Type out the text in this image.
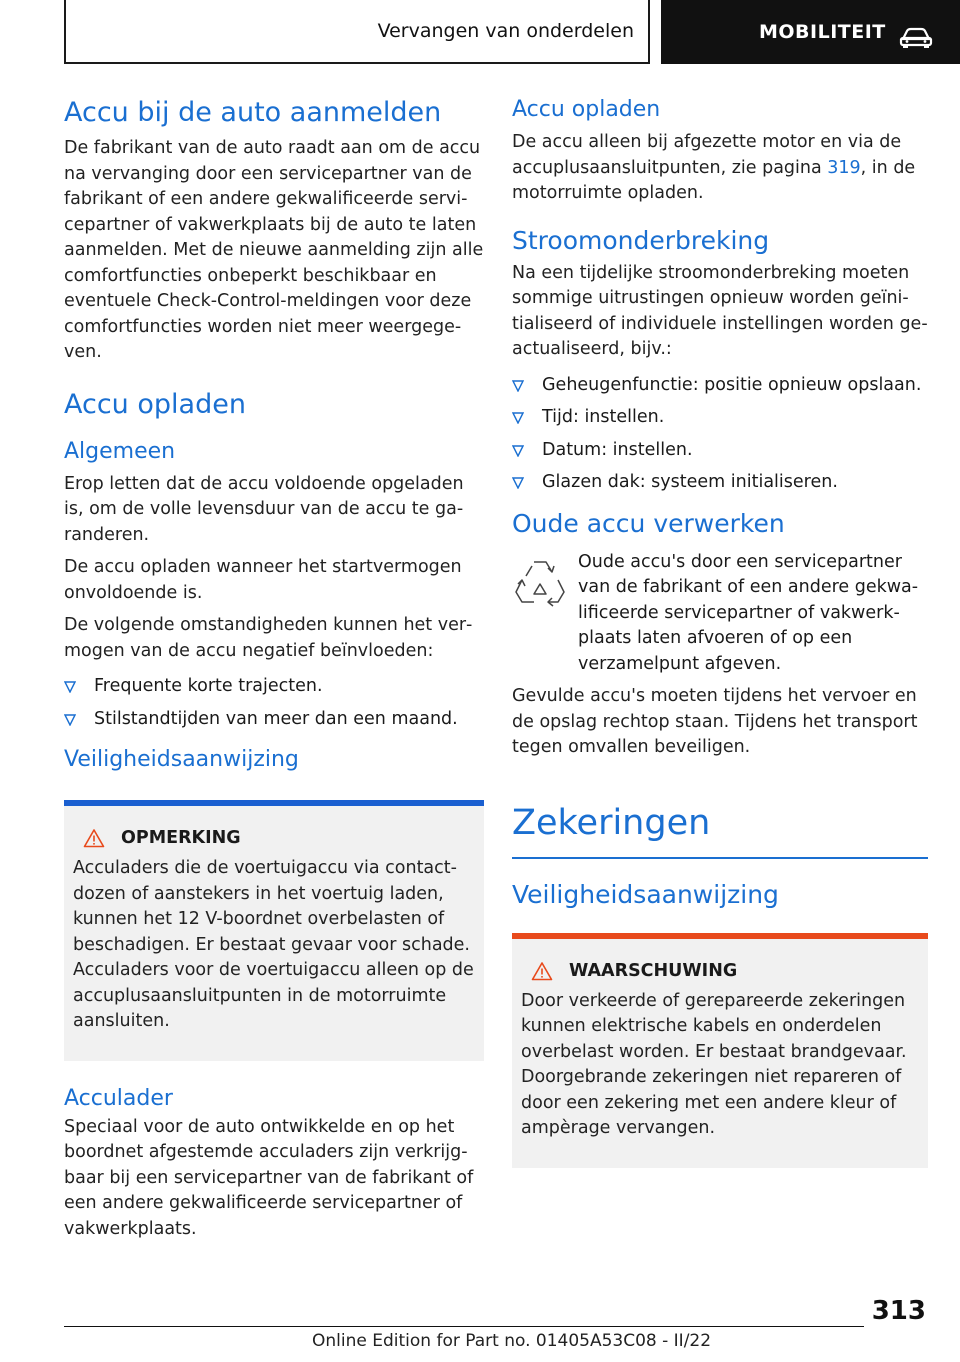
Vervangen van onderdelen	MOBILITEIT
Accu bij de auto aanmelden

De fabrikant van de auto raadt aan om de accu na vervanging door een servicepartner van de fabrikant of een andere gekwalificeerde servicepartner of vakwerkplaats bij de auto te laten aanmelden. Met de nieuwe aanmelding zijn alle comfortfuncties onbeperkt beschikbaar en eventuele Check-Control-meldingen voor deze comfortfuncties worden niet meer weergegeven.

Accu opladen
Algemeen

Erop letten dat de accu voldoende opgeladen is, om de volle levensduur van de accu te garanderen.

De accu opladen wanneer het startvermogen onvoldoende is.

De volgende omstandigheden kunnen het vermogen van de accu negatief beïnvloeden:

Frequente korte trajecten.
Stilstandtijden van meer dan een maand.
Veiligheidsaanwijzing
OPMERKING

Acculaders die de voertuigaccu via contactdozen of aanstekers in het voertuig laden, kunnen het 12 V-boordnet overbelasten of beschadigen. Er bestaat gevaar voor schade. Acculaders voor de voertuigaccu alleen op de accuplusaansluitpunten in de motorruimte aansluiten.

Acculader

Speciaal voor de auto ontwikkelde en op het boordnet afgestemde acculaders zijn verkrijgbaar bij een servicepartner van de fabrikant of een andere gekwalificeerde servicepartner of vakwerkplaats.

Accu opladen

De accu alleen bij afgezette motor en via de accuplusaansluitpunten, zie pagina 319, in de motorruimte opladen.

Stroomonderbreking

Na een tijdelijke stroomonderbreking moeten sommige uitrustingen opnieuw worden geïnitialiseerd of individuele instellingen worden geactualiseerd, bijv.:

Geheugenfunctie: positie opnieuw opslaan.
Tijd: instellen.
Datum: instellen.
Glazen dak: systeem initialiseren.
Oude accu verwerken

Oude accu's door een servicepartner van de fabrikant of een andere gekwalificeerde servicepartner of vakwerkplaats laten afvoeren of op een verzamelpunt afgeven.

Gevulde accu's moeten tijdens het vervoer en de opslag rechtop staan. Tijdens het transport tegen omvallen beveiligen.

Zekeringen
Veiligheidsaanwijzing
WAARSCHUWING

Door verkeerde of gerepareerde zekeringen kunnen elektrische kabels en onderdelen overbelast worden. Er bestaat brandgevaar. Doorgebrande zekeringen niet repareren of door een zekering met een andere kleur of ampèrage vervangen.

313
Online Edition for Part no. 01405A53C08 - II/22
